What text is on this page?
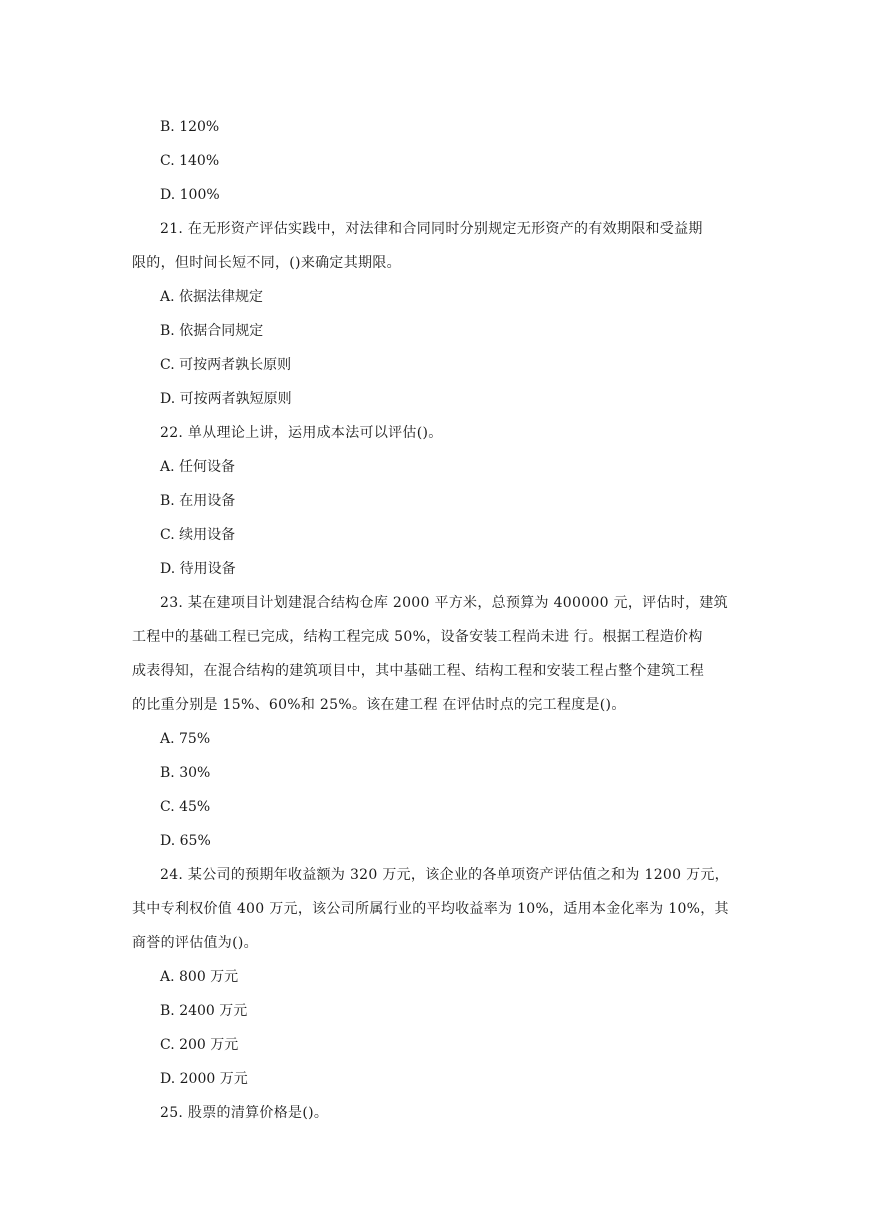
B. 120%
C. 140%
D. 100%
21. 在无形资产评估实践中，对法律和合同同时分别规定无形资产的有效期限和受益期
限的，但时间长短不同，()来确定其期限。
A. 依据法律规定
B. 依据合同规定
C. 可按两者孰长原则
D. 可按两者孰短原则
22. 单从理论上讲，运用成本法可以评估()。
A. 任何设备
B. 在用设备
C. 续用设备
D. 待用设备
23. 某在建项目计划建混合结构仓库 2000 平方米，总预算为 400000 元，评估时，建筑
工程中的基础工程已完成，结构工程完成 50%，设备安装工程尚未进 行。根据工程造价构
成表得知，在混合结构的建筑项目中，其中基础工程、结构工程和安装工程占整个建筑工程
的比重分别是 15%、60%和 25%。该在建工程 在评估时点的完工程度是()。
A. 75%
B. 30%
C. 45%
D. 65%
24. 某公司的预期年收益额为 320 万元，该企业的各单项资产评估值之和为 1200 万元，
其中专利权价值 400 万元，该公司所属行业的平均收益率为 10%，适用本金化率为 10%，其
商誉的评估值为()。
A. 800 万元
B. 2400 万元
C. 200 万元
D. 2000 万元
25. 股票的清算价格是()。
